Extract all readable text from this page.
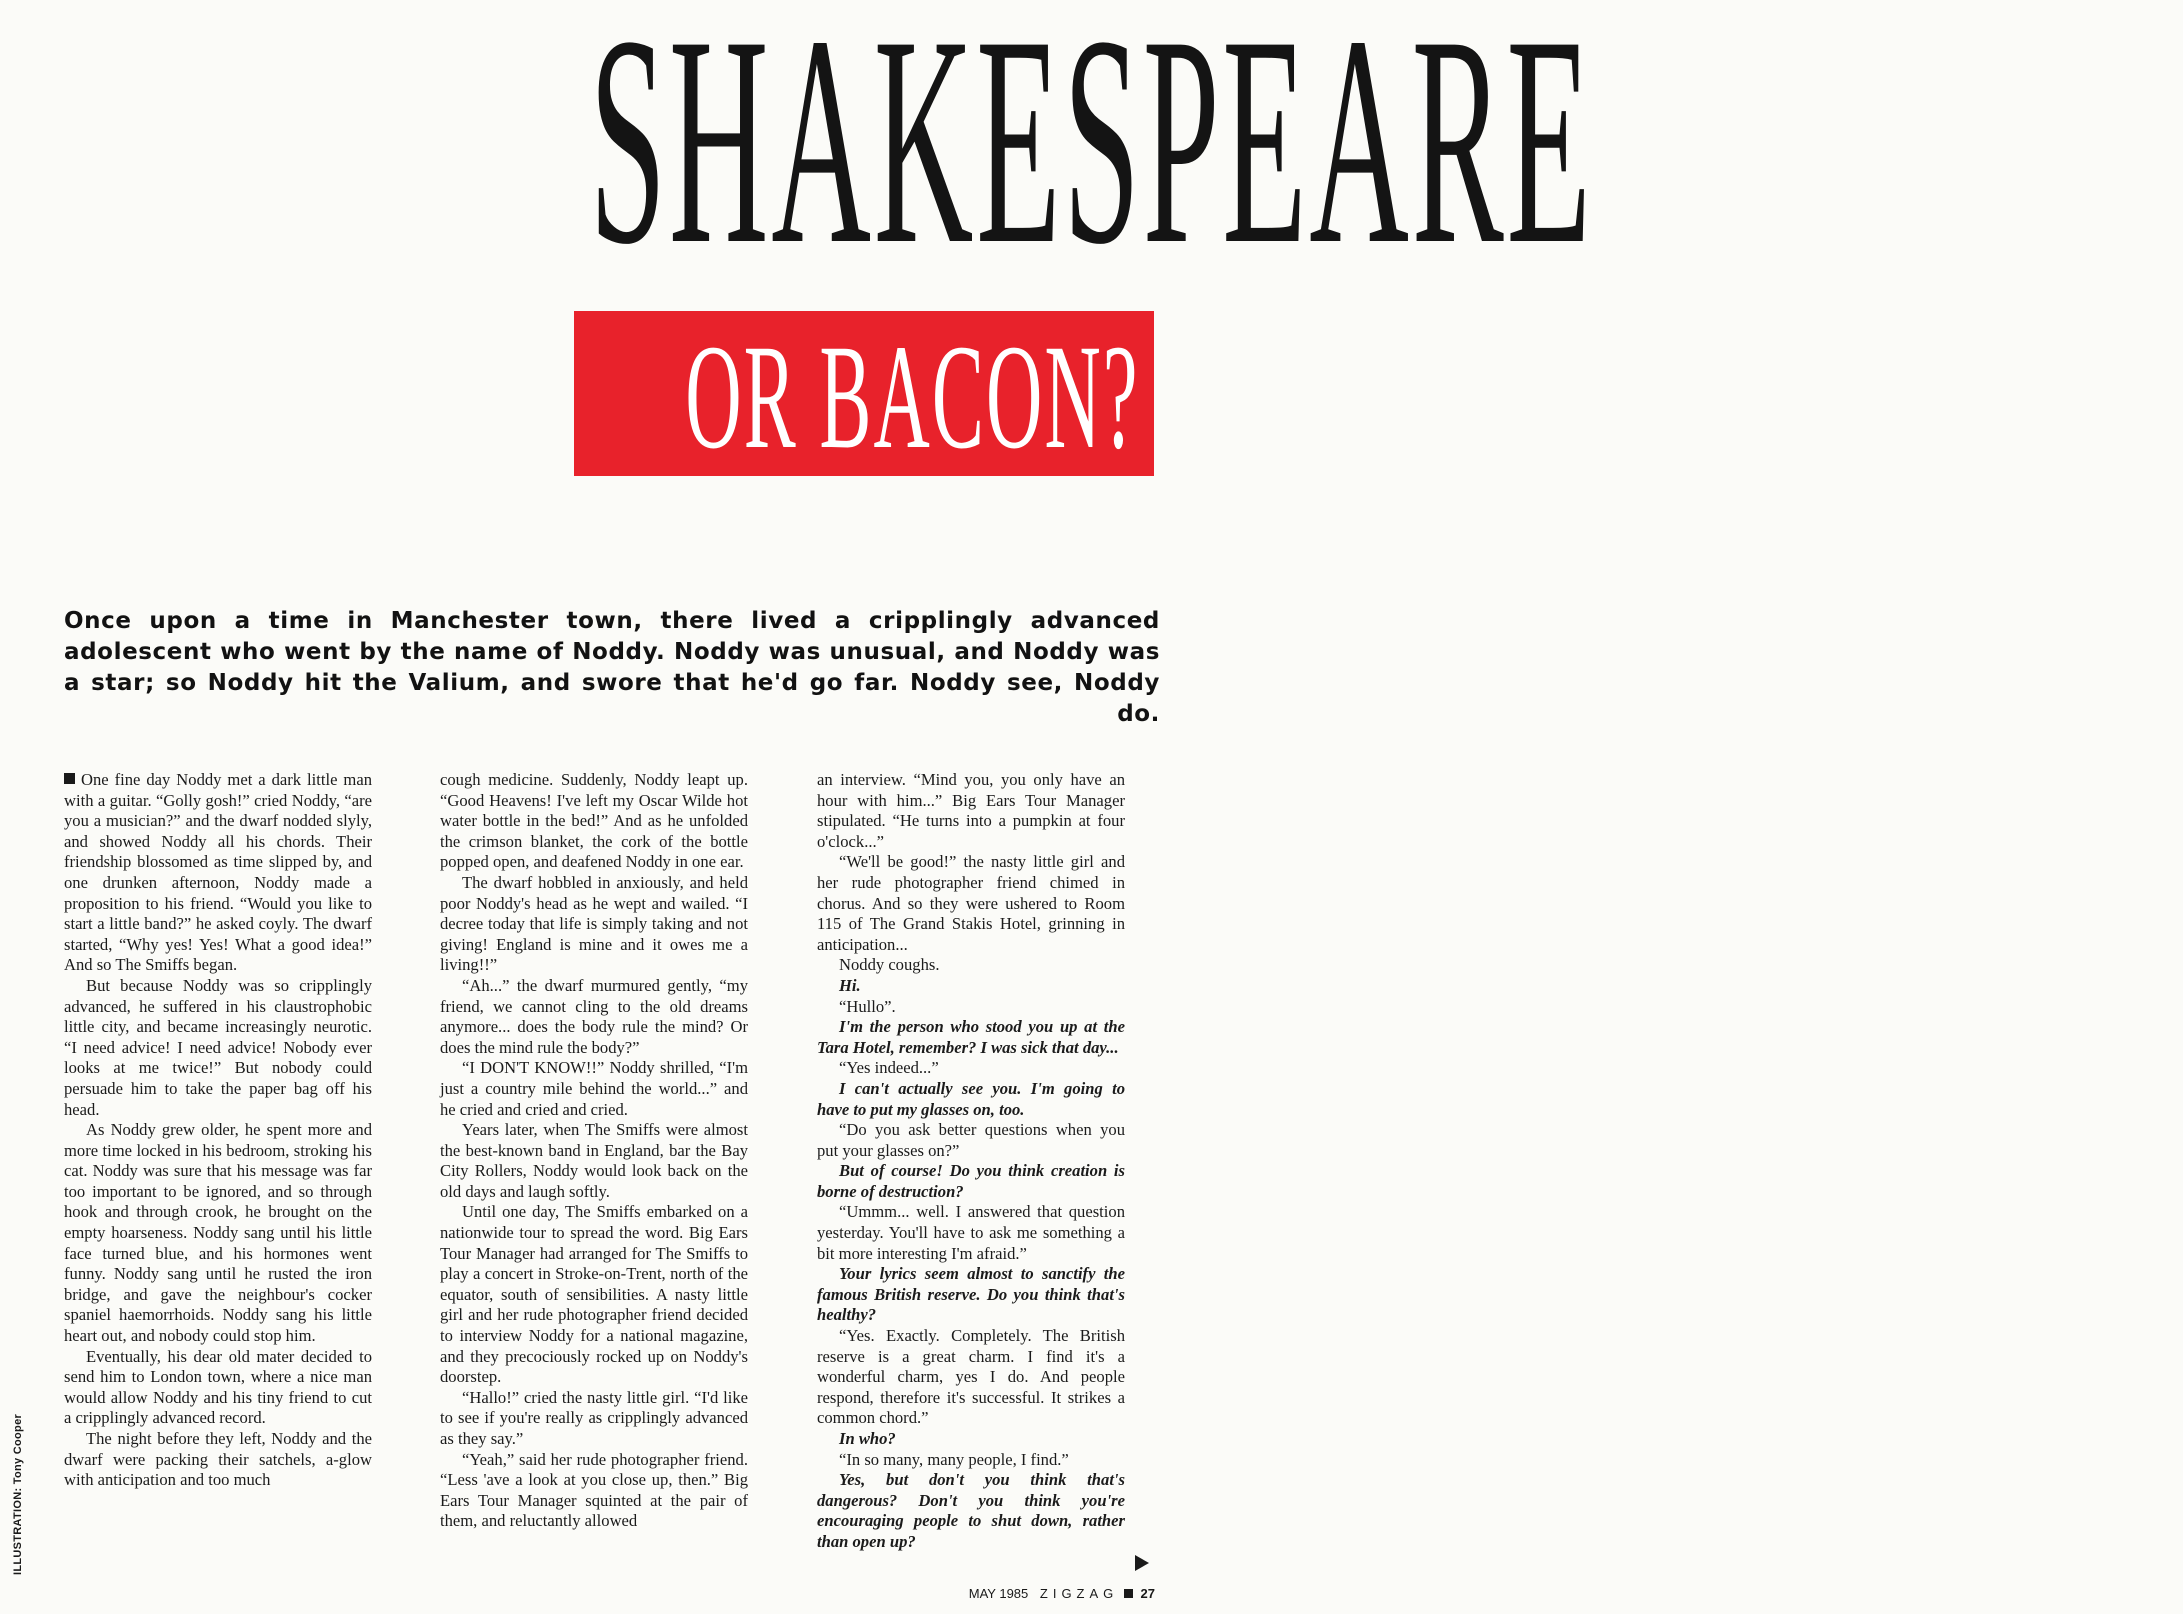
SHAKESPEARE
OR BACON?

Once upon a time in Manchester town, there lived a cripplingly advanced adolescent who went by the name of Noddy. Noddy was unusual, and Noddy was a star; so Noddy hit the Valium, and swore that he'd go far. Noddy see, Noddy do.

One fine day Noddy met a dark little man with a guitar. “Golly gosh!” cried Noddy, “are you a musician?” and the dwarf nodded slyly, and showed Noddy all his chords. Their friendship blossomed as time slipped by, and one drunken afternoon, Noddy made a proposition to his friend. “Would you like to start a little band?” he asked coyly. The dwarf started, “Why yes! Yes! What a good idea!” And so The Smiffs began.

But because Noddy was so cripplingly advanced, he suffered in his claustrophobic little city, and became increasingly neurotic. “I need advice! I need advice! Nobody ever looks at me twice!” But nobody could persuade him to take the paper bag off his head.

As Noddy grew older, he spent more and more time locked in his bedroom, stroking his cat. Noddy was sure that his message was far too important to be ignored, and so through hook and through crook, he brought on the empty hoarseness. Noddy sang until his little face turned blue, and his hormones went funny. Noddy sang until he rusted the iron bridge, and gave the neighbour's cocker spaniel haemorrhoids. Noddy sang his little heart out, and nobody could stop him.

Eventually, his dear old mater decided to send him to London town, where a nice man would allow Noddy and his tiny friend to cut a cripplingly advanced record.

The night before they left, Noddy and the dwarf were packing their satchels, a-glow with anticipation and too much

cough medicine. Suddenly, Noddy leapt up. “Good Heavens! I've left my Oscar Wilde hot water bottle in the bed!” And as he unfolded the crimson blanket, the cork of the bottle popped open, and deafened Noddy in one ear.

The dwarf hobbled in anxiously, and held poor Noddy's head as he wept and wailed. “I decree today that life is simply taking and not giving! England is mine and it owes me a living!!”

“Ah...” the dwarf murmured gently, “my friend, we cannot cling to the old dreams anymore... does the body rule the mind? Or does the mind rule the body?”

“I DON'T KNOW!!” Noddy shrilled, “I'm just a country mile behind the world...” and he cried and cried and cried.

Years later, when The Smiffs were almost the best-known band in England, bar the Bay City Rollers, Noddy would look back on the old days and laugh softly.

Until one day, The Smiffs embarked on a nationwide tour to spread the word. Big Ears Tour Manager had arranged for The Smiffs to play a concert in Stroke-on-Trent, north of the equator, south of sensibilities. A nasty little girl and her rude photographer friend decided to interview Noddy for a national magazine, and they precociously rocked up on Noddy's doorstep.

“Hallo!” cried the nasty little girl. “I'd like to see if you're really as cripplingly advanced as they say.”

“Yeah,” said her rude photographer friend. “Less 'ave a look at you close up, then.” Big Ears Tour Manager squinted at the pair of them, and reluctantly allowed

an interview. “Mind you, you only have an hour with him...” Big Ears Tour Manager stipulated. “He turns into a pumpkin at four o'clock...”

“We'll be good!” the nasty little girl and her rude photographer friend chimed in chorus. And so they were ushered to Room 115 of The Grand Stakis Hotel, grinning in anticipation...

Noddy coughs.

Hi.

“Hullo”.

I'm the person who stood you up at the Tara Hotel, remember? I was sick that day...

“Yes indeed...”

I can't actually see you. I'm going to have to put my glasses on, too.

“Do you ask better questions when you put your glasses on?”

But of course! Do you think creation is borne of destruction?

“Ummm... well. I answered that question yesterday. You'll have to ask me something a bit more interesting I'm afraid.”

Your lyrics seem almost to sanctify the famous British reserve. Do you think that's healthy?

“Yes. Exactly. Completely. The British reserve is a great charm. I find it's a wonderful charm, yes I do. And people respond, therefore it's successful. It strikes a common chord.”

In who?

“In so many, many people, I find.”

Yes, but don't you think that's dangerous? Don't you think you're encouraging people to shut down, rather than open up?

ILLUSTRATION: Tony Cooper
MAY 1985 ZIGZAG 27
